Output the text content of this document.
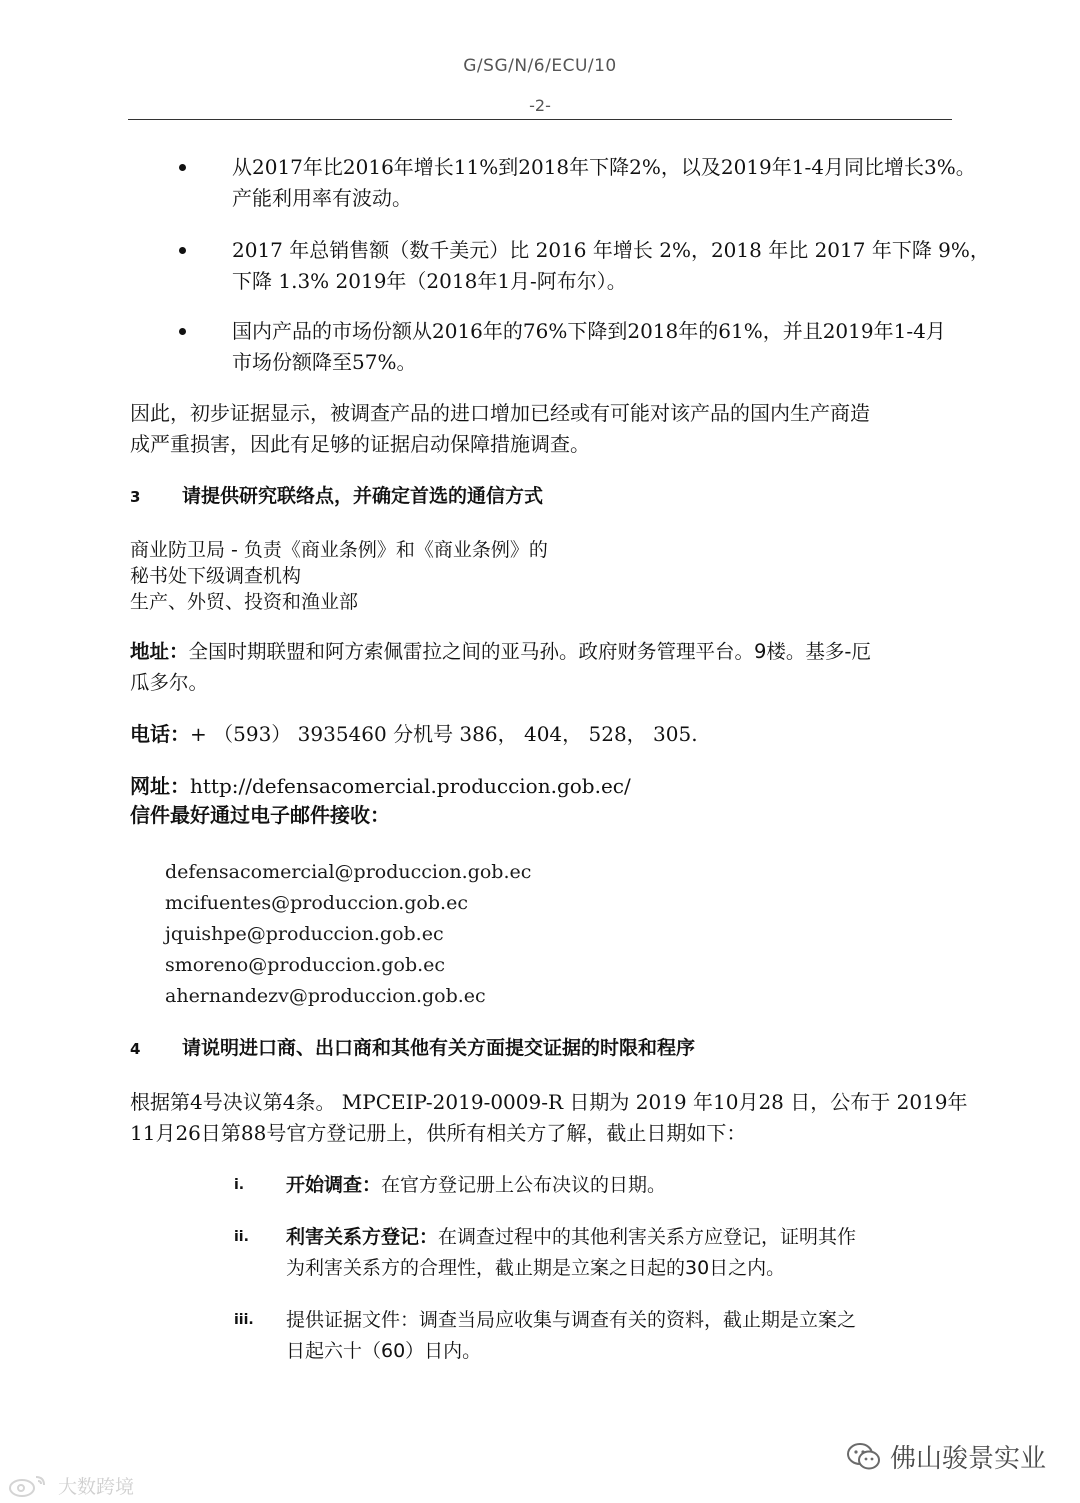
G/SG/N/6/ECU/10
-2-
从2017年比2016年增长11%到2018年下降2%，以及2019年1-4月同比增长3%。
产能利用率有波动。
2017 年总销售额（数千美元）比 2016 年增长 2%，2018 年比 2017 年下降 9%，
下降 1.3% 2019年（2018年1月-阿布尔）。
国内产品的市场份额从2016年的76%下降到2018年的61%，并且2019年1-4月
市场份额降至57%。
因此，初步证据显示，被调查产品的进口增加已经或有可能对该产品的国内生产商造
成严重损害，因此有足够的证据启动保障措施调查。
3 请提供研究联络点，并确定首选的通信方式
商业防卫局 - 负责《商业条例》和《商业条例》的
秘书处下级调查机构
生产、外贸、投资和渔业部
地址：全国时期联盟和阿方索佩雷拉之间的亚马孙。政府财务管理平台。9楼。基多-厄
瓜多尔。
电话：+ （593） 3935460 分机号 386， 404， 528， 305.
网址：http://defensacomercial.produccion.gob.ec/
信件最好通过电子邮件接收：
defensacomercial@produccion.gob.ec
mcifuentes@produccion.gob.ec
jquishpe@produccion.gob.ec
smoreno@produccion.gob.ec
ahernandezv@produccion.gob.ec
4 请说明进口商、出口商和其他有关方面提交证据的时限和程序
根据第4号决议第4条。 MPCEIP-2019-0009-R 日期为 2019 年10月28 日，公布于 2019年
11月26日第88号官方登记册上，供所有相关方了解，截止日期如下：
i. 开始调查：在官方登记册上公布决议的日期。
ii. 利害关系方登记：在调查过程中的其他利害关系方应登记，证明其作
为利害关系方的合理性，截止期是立案之日起的30日之内。
iii. 提供证据文件：调查当局应收集与调查有关的资料，截止期是立案之
日起六十（60）日内。
佛山骏景实业
大数跨境
